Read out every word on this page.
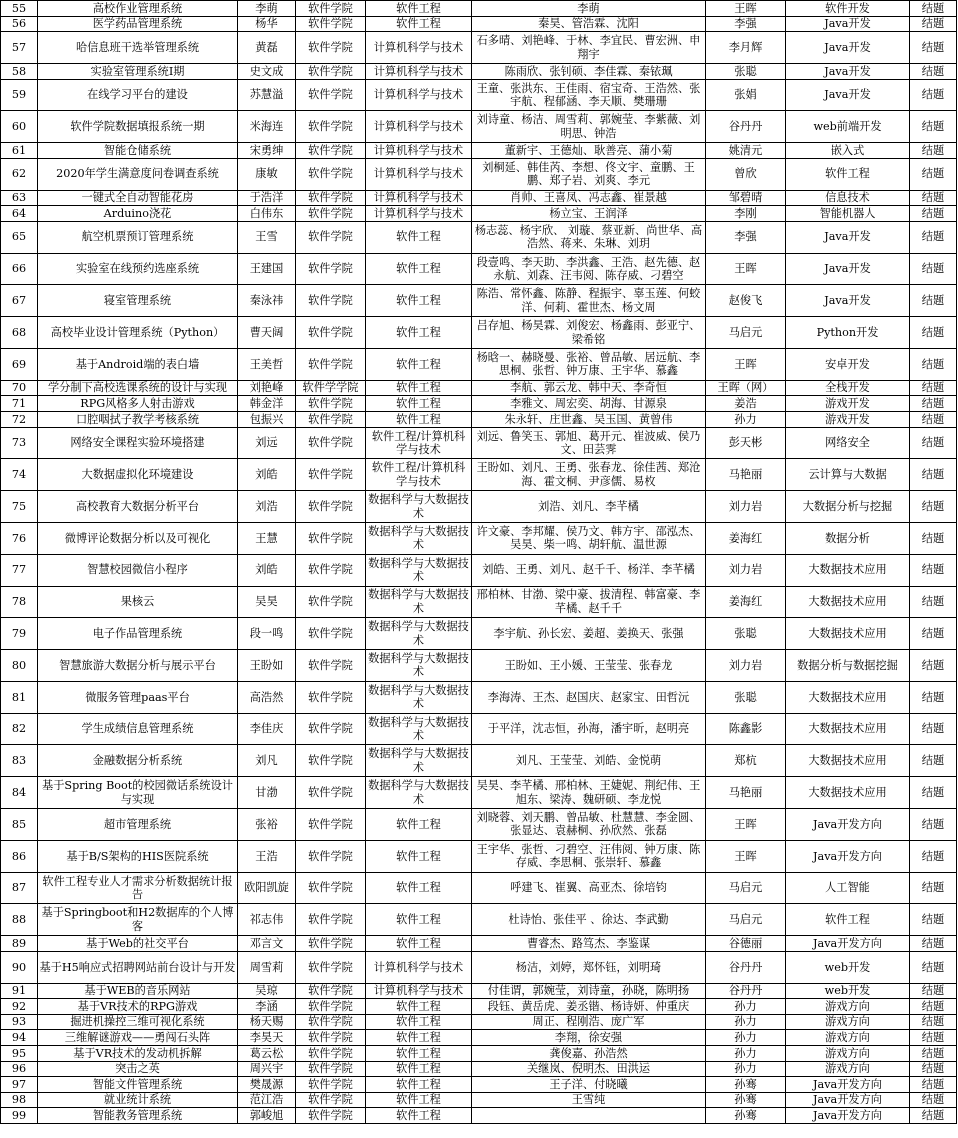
55	高校作业管理系统	李萌	软件学院	软件工程	李萌	王晖	软件开发	结题
56	医学药品管理系统	杨华	软件学院	软件工程	秦昊、管浩霖、沈阳	李强	Java开发	结题
57	哈信息班干选举管理系统	黄磊	软件学院	计算机科学与技术	石多晴、刘艳峰、于林、李宜民、曹宏洲、申翔宇	李月辉	Java开发	结题
58	实验室管理系统Ⅰ期	史文成	软件学院	计算机科学与技术	陈雨欣、张钊硕、李佳霖、秦铱珮	张聪	Java开发	结题
59	在线学习平台的建设	苏慧溢	软件学院	计算机科学与技术	王童、张洪东、王佳雨、宿宝奇、王浩然、张宇航、程郁涵、李天顺、樊珊珊	张娟	Java开发	结题
60	软件学院数据填报系统一期	米海连	软件学院	计算机科学与技术	刘诗童、杨洁、周雪莉、郭婉莹、李紫薇、刘明思、钟浩	谷丹丹	web前端开发	结题
61	智能仓储系统	宋勇绅	软件学院	计算机科学与技术	董新宇、王德灿、耿善亮、蒲小菊	姚清元	嵌入式	结题
62	2020年学生满意度问卷调查系统	康敏	软件学院	计算机科学与技术	刘桐延、韩佳芮、李想、佟文宇、童鹏、王鹏、郑子岩、刘爽、李元	曾欣	软件工程	结题
63	一键式全自动智能花房	于浩洋	软件学院	计算机科学与技术	肖帅、王喜凤、冯志鑫、崔景越	邹碧晴	信息技术	结题
64	Arduino浇花	白伟东	软件学院	计算机科学与技术	杨立宝、王润泽	李刚	智能机器人	结题
65	航空机票预订管理系统	王雪	软件学院	软件工程	杨志蕊、杨宇欣、 刘璇、蔡亚新、尚世华、高浩然、蒋来、朱琳、刘玥	李强	Java开发	结题
66	实验室在线预约选座系统	王建国	软件学院	软件工程	段壹鸣、李天助、李洪鑫、王浩、赵先德、赵永航、刘森、汪韦阅、陈存威、刁碧空	王晖	Java开发	结题
67	寝室管理系统	秦泳祎	软件学院	软件工程	陈浩、常怀鑫、陈静、程振宇、辜玉莲、何蛟洋、何莉、霍世杰、杨文周	赵俊飞	Java开发	结题
68	高校毕业设计管理系统（Python）	曹天阔	软件学院	软件工程	吕存旭、杨昊霖、刘俊宏、杨鑫雨、彭亚宁、梁希铭	马启元	Python开发	结题
69	基于Android端的表白墙	王美哲	软件学院	软件工程	杨晗一、赫晓曼、张裕、曾品敏、居远航、李思桐、张哲、钟万康、王宇华、慕鑫	王晖	安卓开发	结题
70	学分制下高校选课系统的设计与实现	刘艳峰	软件学学院	软件工程	李航、郭云龙、韩中天、李奇恒	王晖（网）	全栈开发	结题
71	RPG风格多人射击游戏	韩金洋	软件学院	软件工程	李雅文、周宏奕、胡海、甘源泉	姜浩	游戏开发	结题
72	口腔咽拭子教学考核系统	包振兴	软件学院	软件工程	朱永轩、庄世鑫、吴玉国、黄曾伟	孙力	游戏开发	结题
73	网络安全课程实验环境搭建	刘远	软件学院	软件工程/计算机科学与技术	刘远、鲁笑玉、郭旭、葛开元、崔波威、侯乃文、田芸霁	彭天彬	网络安全	结题
74	大数据虚拟化环境建设	刘皓	软件学院	软件工程/计算机科学与技术	王盼如、刘凡、王勇、张春龙、徐佳茜、郑沧海、霍文桐、尹彦儒、易枚	马艳丽	云计算与大数据	结题
75	高校教育大数据分析平台	刘浩	软件学院	数据科学与大数据技术	刘浩、刘凡、李芊橘	刘力岩	大数据分析与挖掘	结题
76	微博评论数据分析以及可视化	王慧	软件学院	数据科学与大数据技术	许文豪、李邦耀、侯乃文、韩方宇、邵泓杰、吴昊、柴一鸣、胡轩航、温世源	姜海红	数据分析	结题
77	智慧校园微信小程序	刘皓	软件学院	数据科学与大数据技术	刘皓、王勇、刘凡、赵千千、杨洋、李芊橘	刘力岩	大数据技术应用	结题
78	果核云	吴昊	软件学院	数据科学与大数据技术	邢柏林、甘渤、梁中豪、拔清程、韩富豪、李芊橘、赵千千	姜海红	大数据技术应用	结题
79	电子作品管理系统	段一鸣	软件学院	数据科学与大数据技术	李宇航、孙长宏、姜超、姜换天、张强	张聪	大数据技术应用	结题
80	智慧旅游大数据分析与展示平台	王盼如	软件学院	数据科学与大数据技术	王盼如、王小媛、王莹莹、张春龙	刘力岩	数据分析与数据挖掘	结题
81	微服务管理paas平台	高浩然	软件学院	数据科学与大数据技术	李海涛、王杰、赵国庆、赵家宝、田哲沅	张聪	大数据技术应用	结题
82	学生成绩信息管理系统	李佳庆	软件学院	数据科学与大数据技术	于平洋，沈志恒，孙海，潘宇昕，赵明亮	陈鑫影	大数据技术应用	结题
83	金融数据分析系统	刘凡	软件学院	数据科学与大数据技术	刘凡、王莹莹、刘皓、金悦萌	郑杭	大数据技术应用	结题
84	基于Spring Boot的校园微话系统设计与实现	甘渤	软件学院	数据科学与大数据技术	吴昊、李芊橘、邢柏林、王婕妮、荆纪伟、王旭东、梁涛、魏研硕、李龙悦	马艳丽	大数据技术应用	结题
85	超市管理系统	张裕	软件学院	软件工程	刘晓蓉、刘天鹏、曾品敏、杜慧慧、李金圆、张显达、袁赫桐、孙欣然、张磊	王晖	Java开发方向	结题
86	基于B/S架构的HIS医院系统	王浩	软件学院	软件工程	王宇华、张哲、刁碧空、汪伟阅、钟万康、陈存威、李思桐、张崇轩、慕鑫	王晖	Java开发方向	结题
87	软件工程专业人才需求分析数据统计报告	欧阳凯旋	软件学院	软件工程	呼建飞、崔翼、高亚杰、徐培钧	马启元	人工智能	结题
88	基于Springboot和H2数据库的个人博客	祁志伟	软件学院	软件工程	杜诗怡、张佳平 、徐达、李武勤	马启元	软件工程	结题
89	基于Web的社交平台	邓言文	软件学院	软件工程	曹睿杰、路笃杰、李鉴谋	谷德丽	Java开发方向	结题
90	基于H5响应式招聘网站前台设计与开发	周雪莉	软件学院	计算机科学与技术	杨洁，刘婷，郑怀钰，刘明琦	谷丹丹	web开发	结题
91	基于WEB的音乐网站	吴琼	软件学院	计算机科学与技术	付佳谓，郭婉莹，刘诗童，孙晓，陈明扬	谷丹丹	web开发	结题
92	基于VR技术的RPG游戏	李涵	软件学院	软件工程	段钰、黄岳虎、姜丞锴、杨诗妍、仲重庆	孙力	游戏方向	结题
93	掘进机操控三维可视化系统	杨天赐	软件学院	软件工程	周正、程刚浩、庞广军	孙力	游戏方向	结题
94	三维解谜游戏——勇闯石头阵	李昊天	软件学院	软件工程	李翔，徐安强	孙力	游戏方向	结题
95	基于VR技术的发动机拆解	葛云松	软件学院	软件工程	龚俊嘉、孙浩然	孙力	游戏方向	结题
96	突击之英	周兴宇	软件学院	软件工程	关继岚、倪明杰、田洪运	孙力	游戏方向	结题
97	智能文件管理系统	樊晟源	软件学院	软件工程	王子洋、付晓曦	孙骞	Java开发方向	结题
98	就业统计系统	范江浩	软件学院	软件工程	王雪纯	孙骞	Java开发方向	结题
99	智能教务管理系统	郭峻旭	软件学院	软件工程		孙骞	Java开发方向	结题
